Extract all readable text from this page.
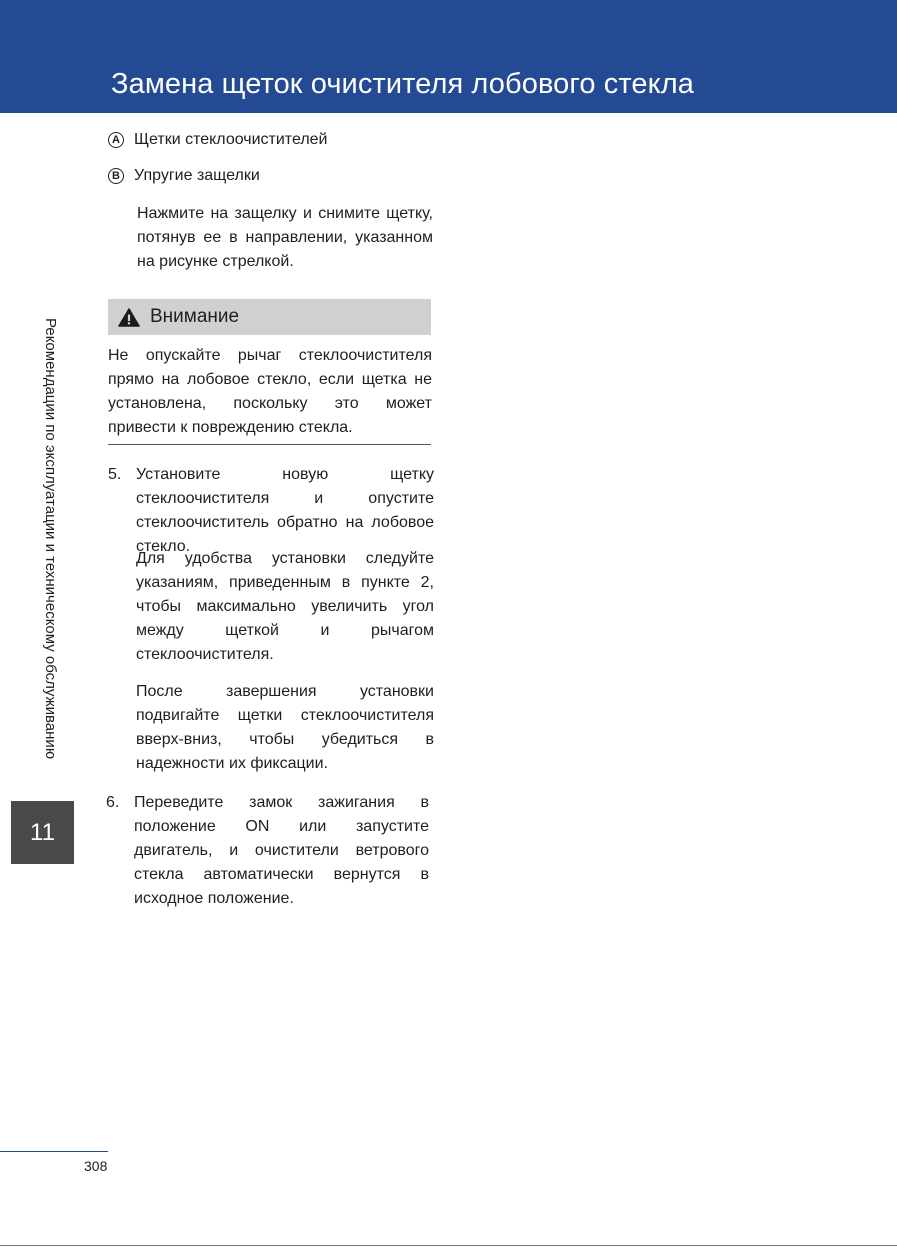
Замена щеток очистителя лобового стекла
Рекомендации по эксплуатации и техническому обслуживанию
11
A Щетки стеклоочистителей
B Упругие защелки

Нажмите на защелку и снимите щетку, потянув ее в направлении, указанном на рисунке стрелкой.

Внимание

Не опускайте рычаг стеклоочистителя прямо на лобовое стекло, если щетка не установлена, поскольку это может привести к повреждению стекла.

5. Установите новую щетку стеклоочистителя и опустите стеклоочиститель обратно на лобовое стекло.

Для удобства установки следуйте указаниям, приведенным в пункте 2, чтобы максимально увеличить угол между щеткой и рычагом стеклоочистителя.

После завершения установки подвигайте щетки стеклоочистителя вверх-вниз, чтобы убедиться в надежности их фиксации.

6. Переведите замок зажигания в положение ON или запустите двигатель, и очистители ветрового стекла автоматически вернутся в исходное положение.

308
